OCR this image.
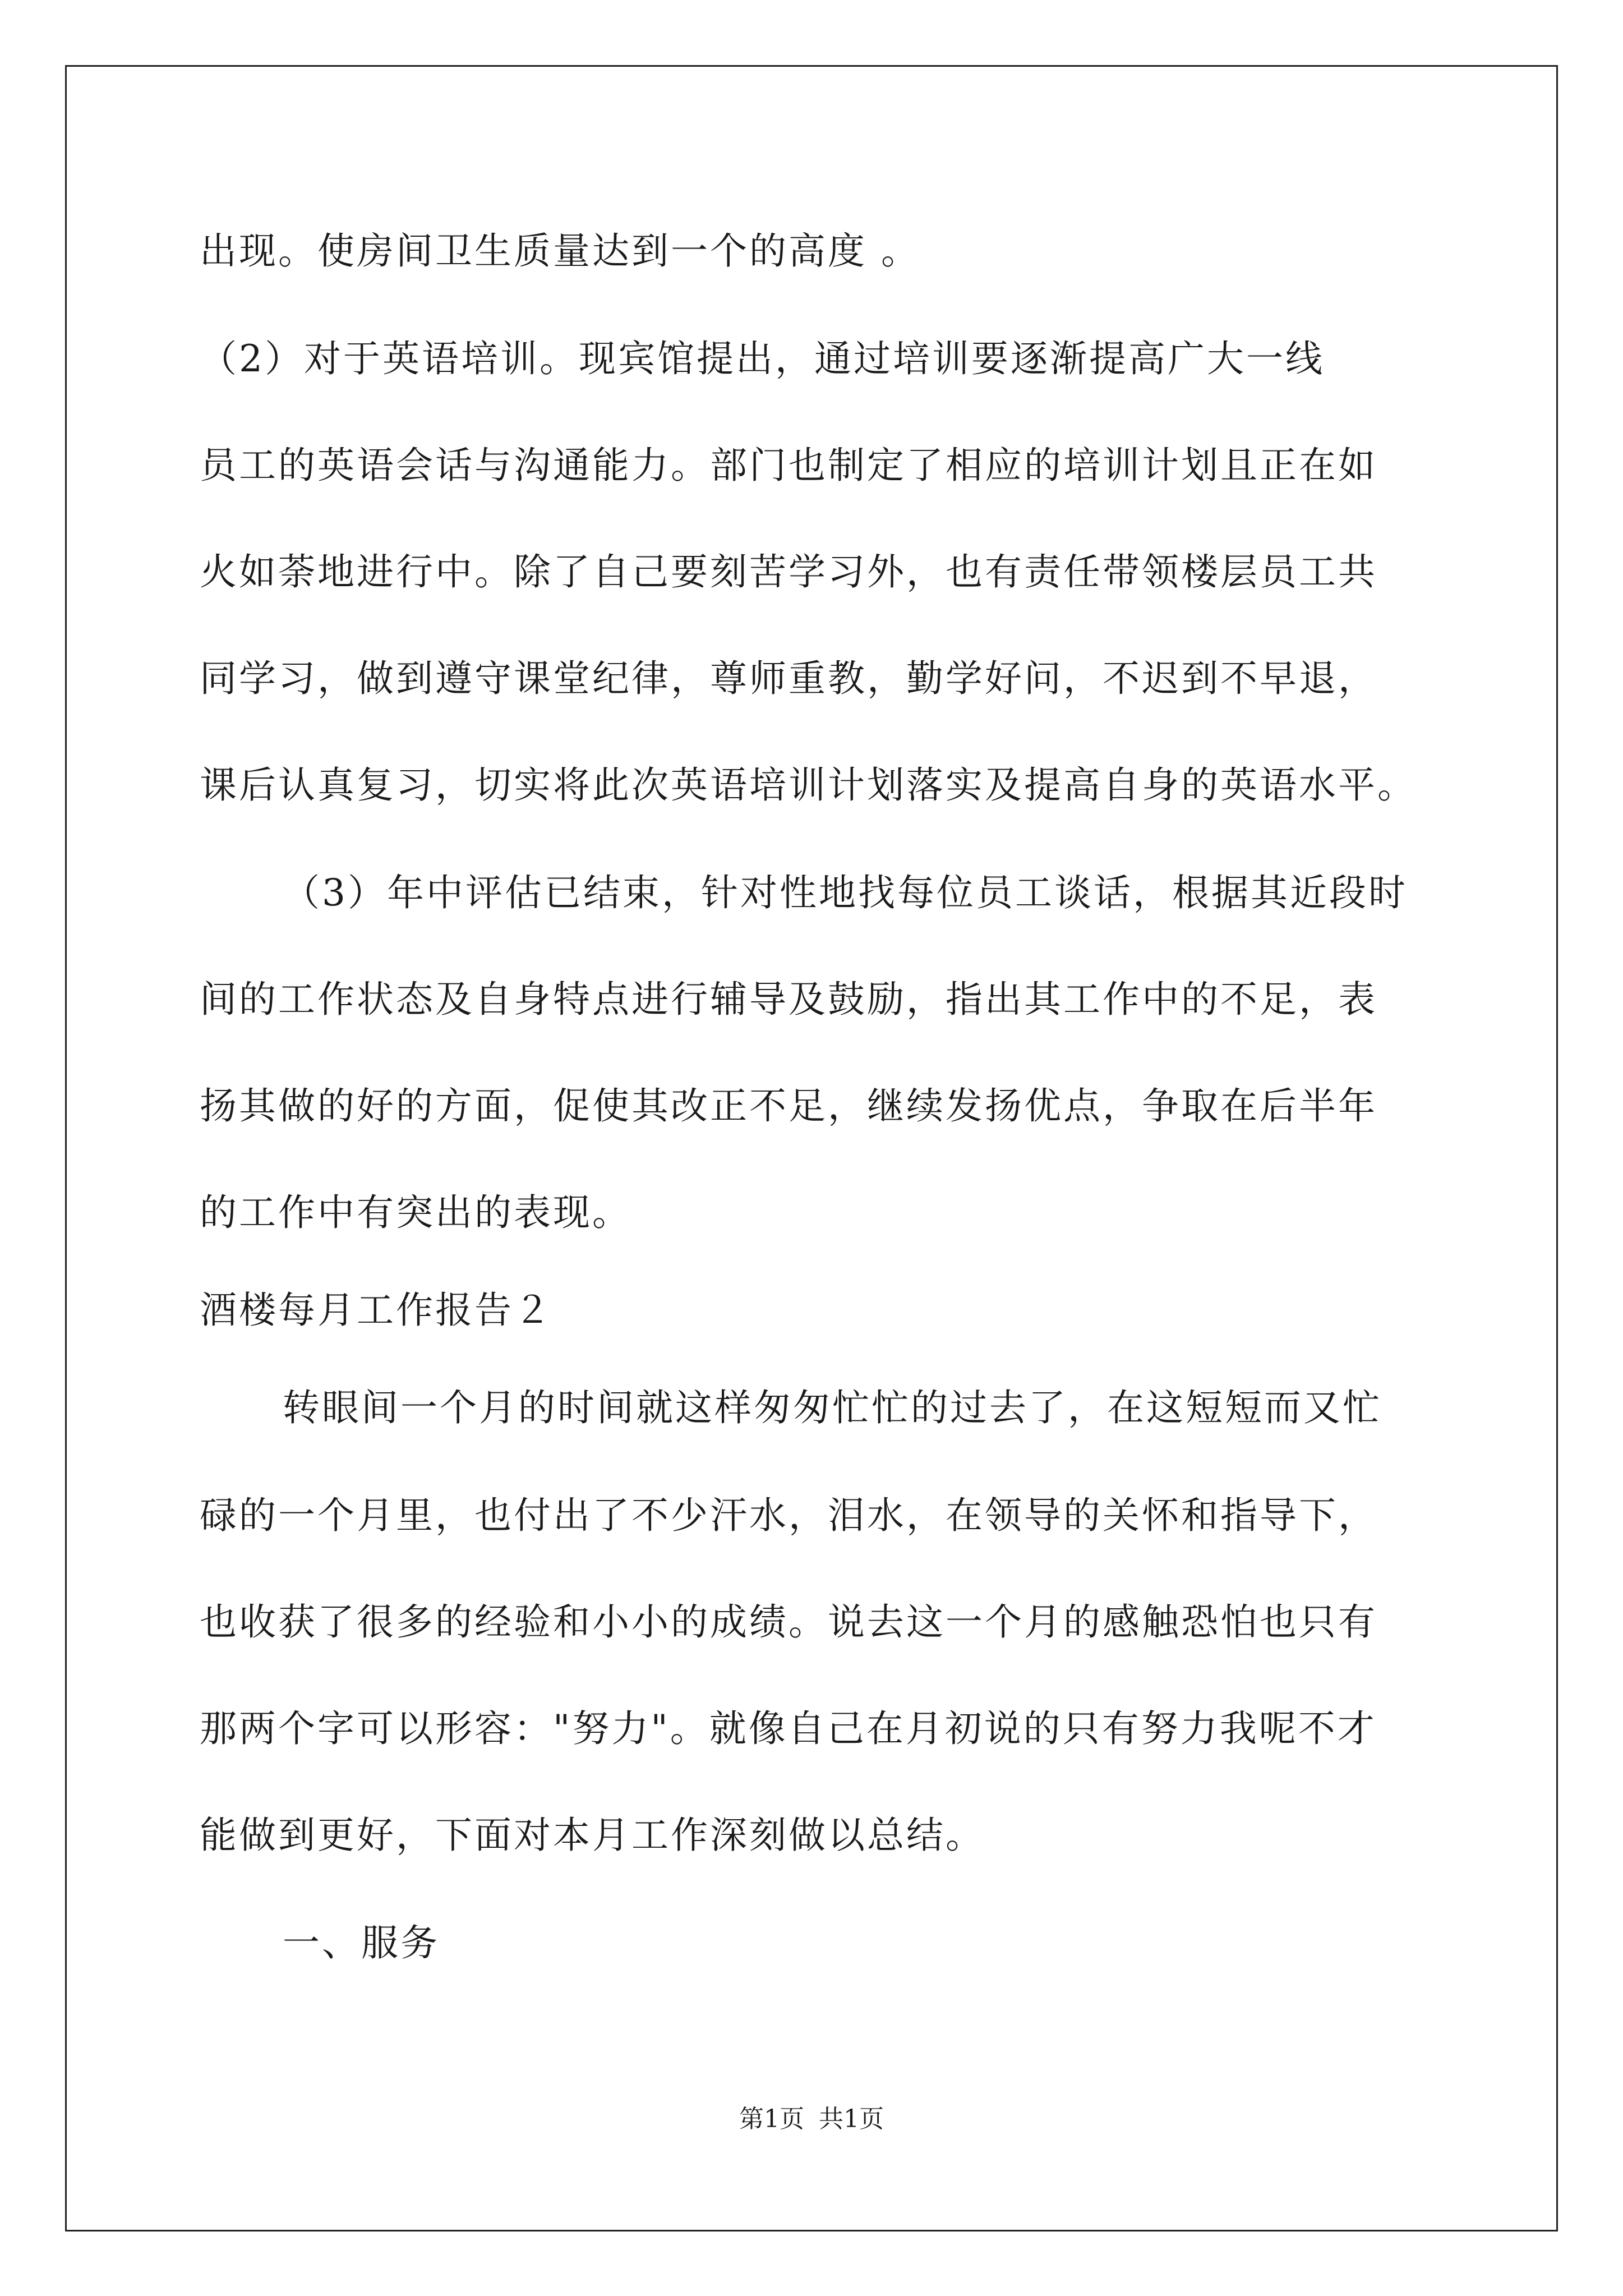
出现。使房间卫生质量达到一个的高度 。
（2）对于英语培训。现宾馆提出，通过培训要逐渐提高广大一线
员工的英语会话与沟通能力。部门也制定了相应的培训计划且正在如
火如荼地进行中。除了自己要刻苦学习外，也有责任带领楼层员工共
同学习，做到遵守课堂纪律，尊师重教，勤学好问，不迟到不早退，
课后认真复习，切实将此次英语培训计划落实及提高自身的英语水平。
（3）年中评估已结束，针对性地找每位员工谈话，根据其近段时
间的工作状态及自身特点进行辅导及鼓励，指出其工作中的不足，表
扬其做的好的方面，促使其改正不足，继续发扬优点，争取在后半年
的工作中有突出的表现。
酒楼每月工作报告２
转眼间一个月的时间就这样匆匆忙忙的过去了，在这短短而又忙
碌的一个月里，也付出了不少汗水，泪水，在领导的关怀和指导下，
也收获了很多的经验和小小的成绩。说去这一个月的感触恐怕也只有
那两个字可以形容："努力"。就像自己在月初说的只有努力我呢不才
能做到更好，下面对本月工作深刻做以总结。
一、服务
第1页 共1页
